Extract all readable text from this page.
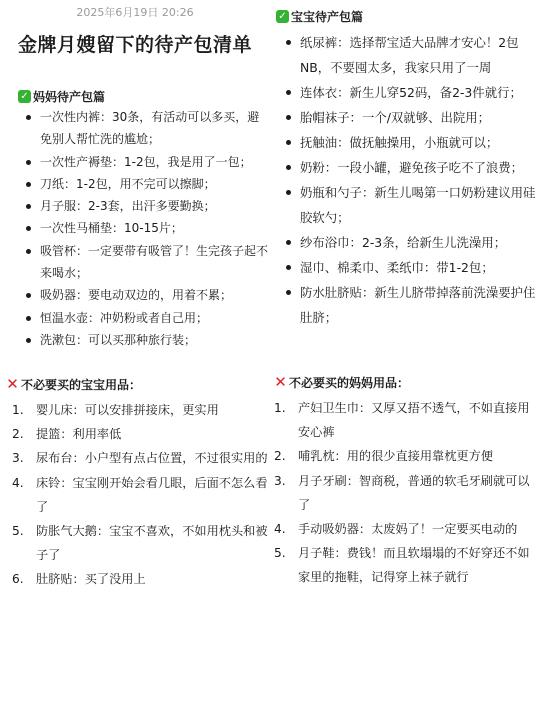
2025年6月19日 20:26
金牌月嫂留下的待产包清单
✓ 妈妈待产包篇
一次性内裤：30条，有活动可以多买，避免别人帮忙洗的尴尬；
一次性产褥垫：1-2包，我是用了一包；
刀纸：1-2包，用不完可以擦脚；
月子服：2-3套，出汗多要勤换；
一次性马桶垫：10-15片；
吸管杯：一定要带有吸管了！生完孩子起不来喝水；
吸奶器：要电动双边的，用着不累；
恒温水壶：冲奶粉或者自己用；
洗漱包：可以买那种旅行装；
✕ 不必要买的宝宝用品：
1. 婴儿床：可以安排拼接床，更实用
2. 提篮：利用率低
3. 尿布台：小户型有点占位置，不过很实用的
4. 床铃：宝宝刚开始会看几眼，后面不怎么看了
5. 防胀气大鹅：宝宝不喜欢，不如用枕头和被子了
6. 肚脐贴：买了没用上
✓ 宝宝待产包篇
纸尿裤：选择帮宝适大品牌才安心！2包NB，不要囤太多，我家只用了一周
连体衣：新生儿穿52码，备2-3件就行；
胎帽袜子：一个/双就够、出院用；
抚触油：做抚触操用，小瓶就可以；
奶粉：一段小罐，避免孩子吃不了浪费；
奶瓶和勺子：新生儿喝第一口奶粉建议用硅胶软勺；
纱布浴巾：2-3条，给新生儿洗澡用；
湿巾、棉柔巾、柔纸巾：带1-2包；
防水肚脐贴：新生儿脐带掉落前洗澡要护住肚脐；
✕ 不必要买的妈妈用品：
1. 产妇卫生巾：又厚又捂不透气，不如直接用安心裤
2. 哺乳枕：用的很少直接用靠枕更方便
3. 月子牙刷：智商税，普通的软毛牙刷就可以了
4. 手动吸奶器：太废妈了！一定要买电动的
5. 月子鞋：费钱！而且软塌塌的不好穿还不如家里的拖鞋，记得穿上袜子就行
